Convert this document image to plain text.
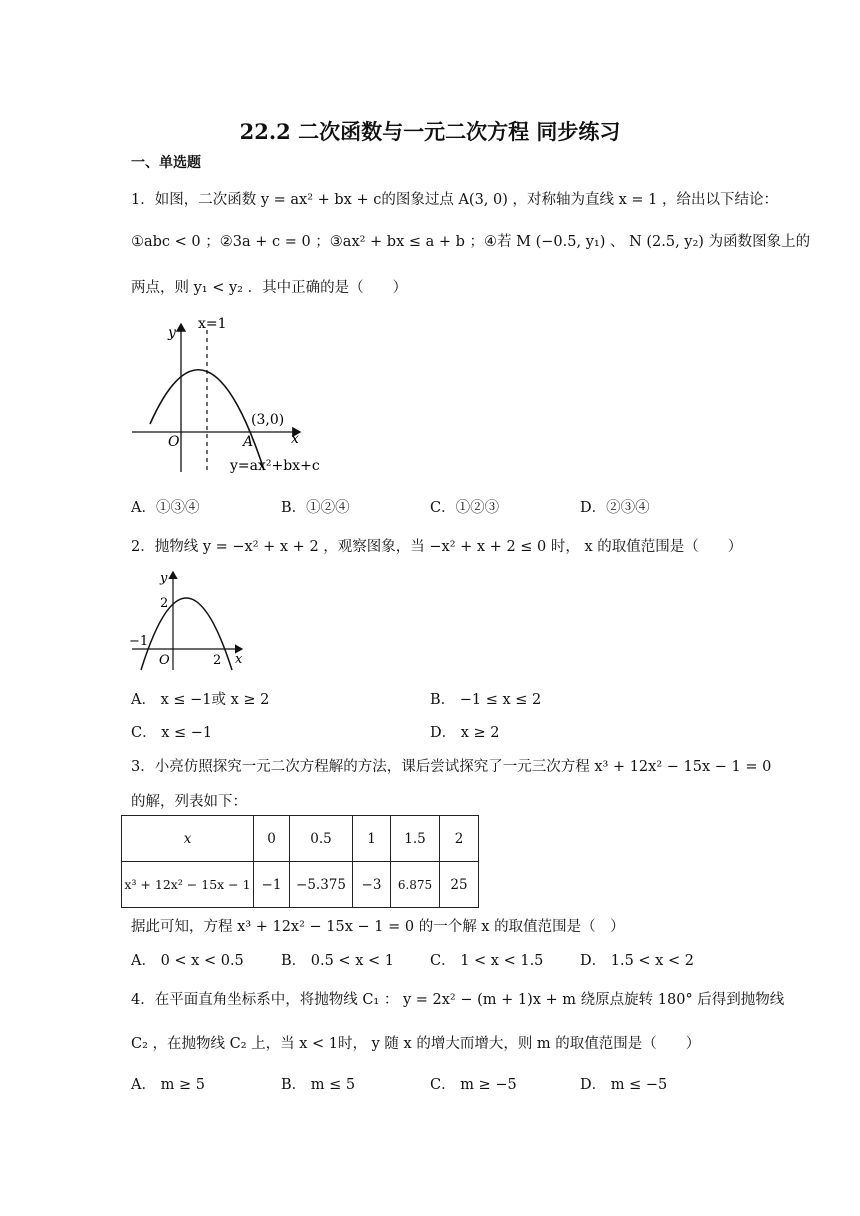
22.2 二次函数与一元二次方程 同步练习
一、单选题
1．如图，二次函数 y = ax² + bx + c的图象过点 A(3, 0) ，对称轴为直线 x = 1 ，给出以下结论：
①abc < 0 ；②3a + c = 0 ；③ax² + bx ≤ a + b ；④若 M (−0.5, y₁) 、 N (2.5, y₂) 为函数图象上的
两点，则 y₁ < y₂ ．其中正确的是（　　）
y
x
x=1
O
(3,0)
A
y=ax²+bx+c
A．①③④	B．①②④	C．①②③	D．②③④
2．抛物线 y = −x² + x + 2 ，观察图象，当 −x² + x + 2 ≤ 0 时， x 的取值范围是（　　）
y
x
2
−1
O	2
A． x ≤ −1或 x ≥ 2	B． −1 ≤ x ≤ 2
C． x ≤ −1	D． x ≥ 2
3．小亮仿照探究一元二次方程解的方法，课后尝试探究了一元三次方程 x³ + 12x² − 15x − 1 = 0
的解，列表如下：
x	0	0.5	1	1.5	2
x³ + 12x² − 15x − 1	−1	−5.375	−3	6.875	25
据此可知，方程 x³ + 12x² − 15x − 1 = 0 的一个解 x 的取值范围是（　）
A． 0 < x < 0.5	B． 0.5 < x < 1 C． 1 < x < 1.5	D． 1.5 < x < 2
4．在平面直角坐标系中，将抛物线 C₁ ： y = 2x² − (m + 1)x + m 绕原点旋转 180° 后得到抛物线
C₂ ，在抛物线 C₂ 上，当 x < 1时， y 随 x 的增大而增大，则 m 的取值范围是（　　）
A． m ≥ 5	B． m ≤ 5	C． m ≥ −5	D． m ≤ −5
